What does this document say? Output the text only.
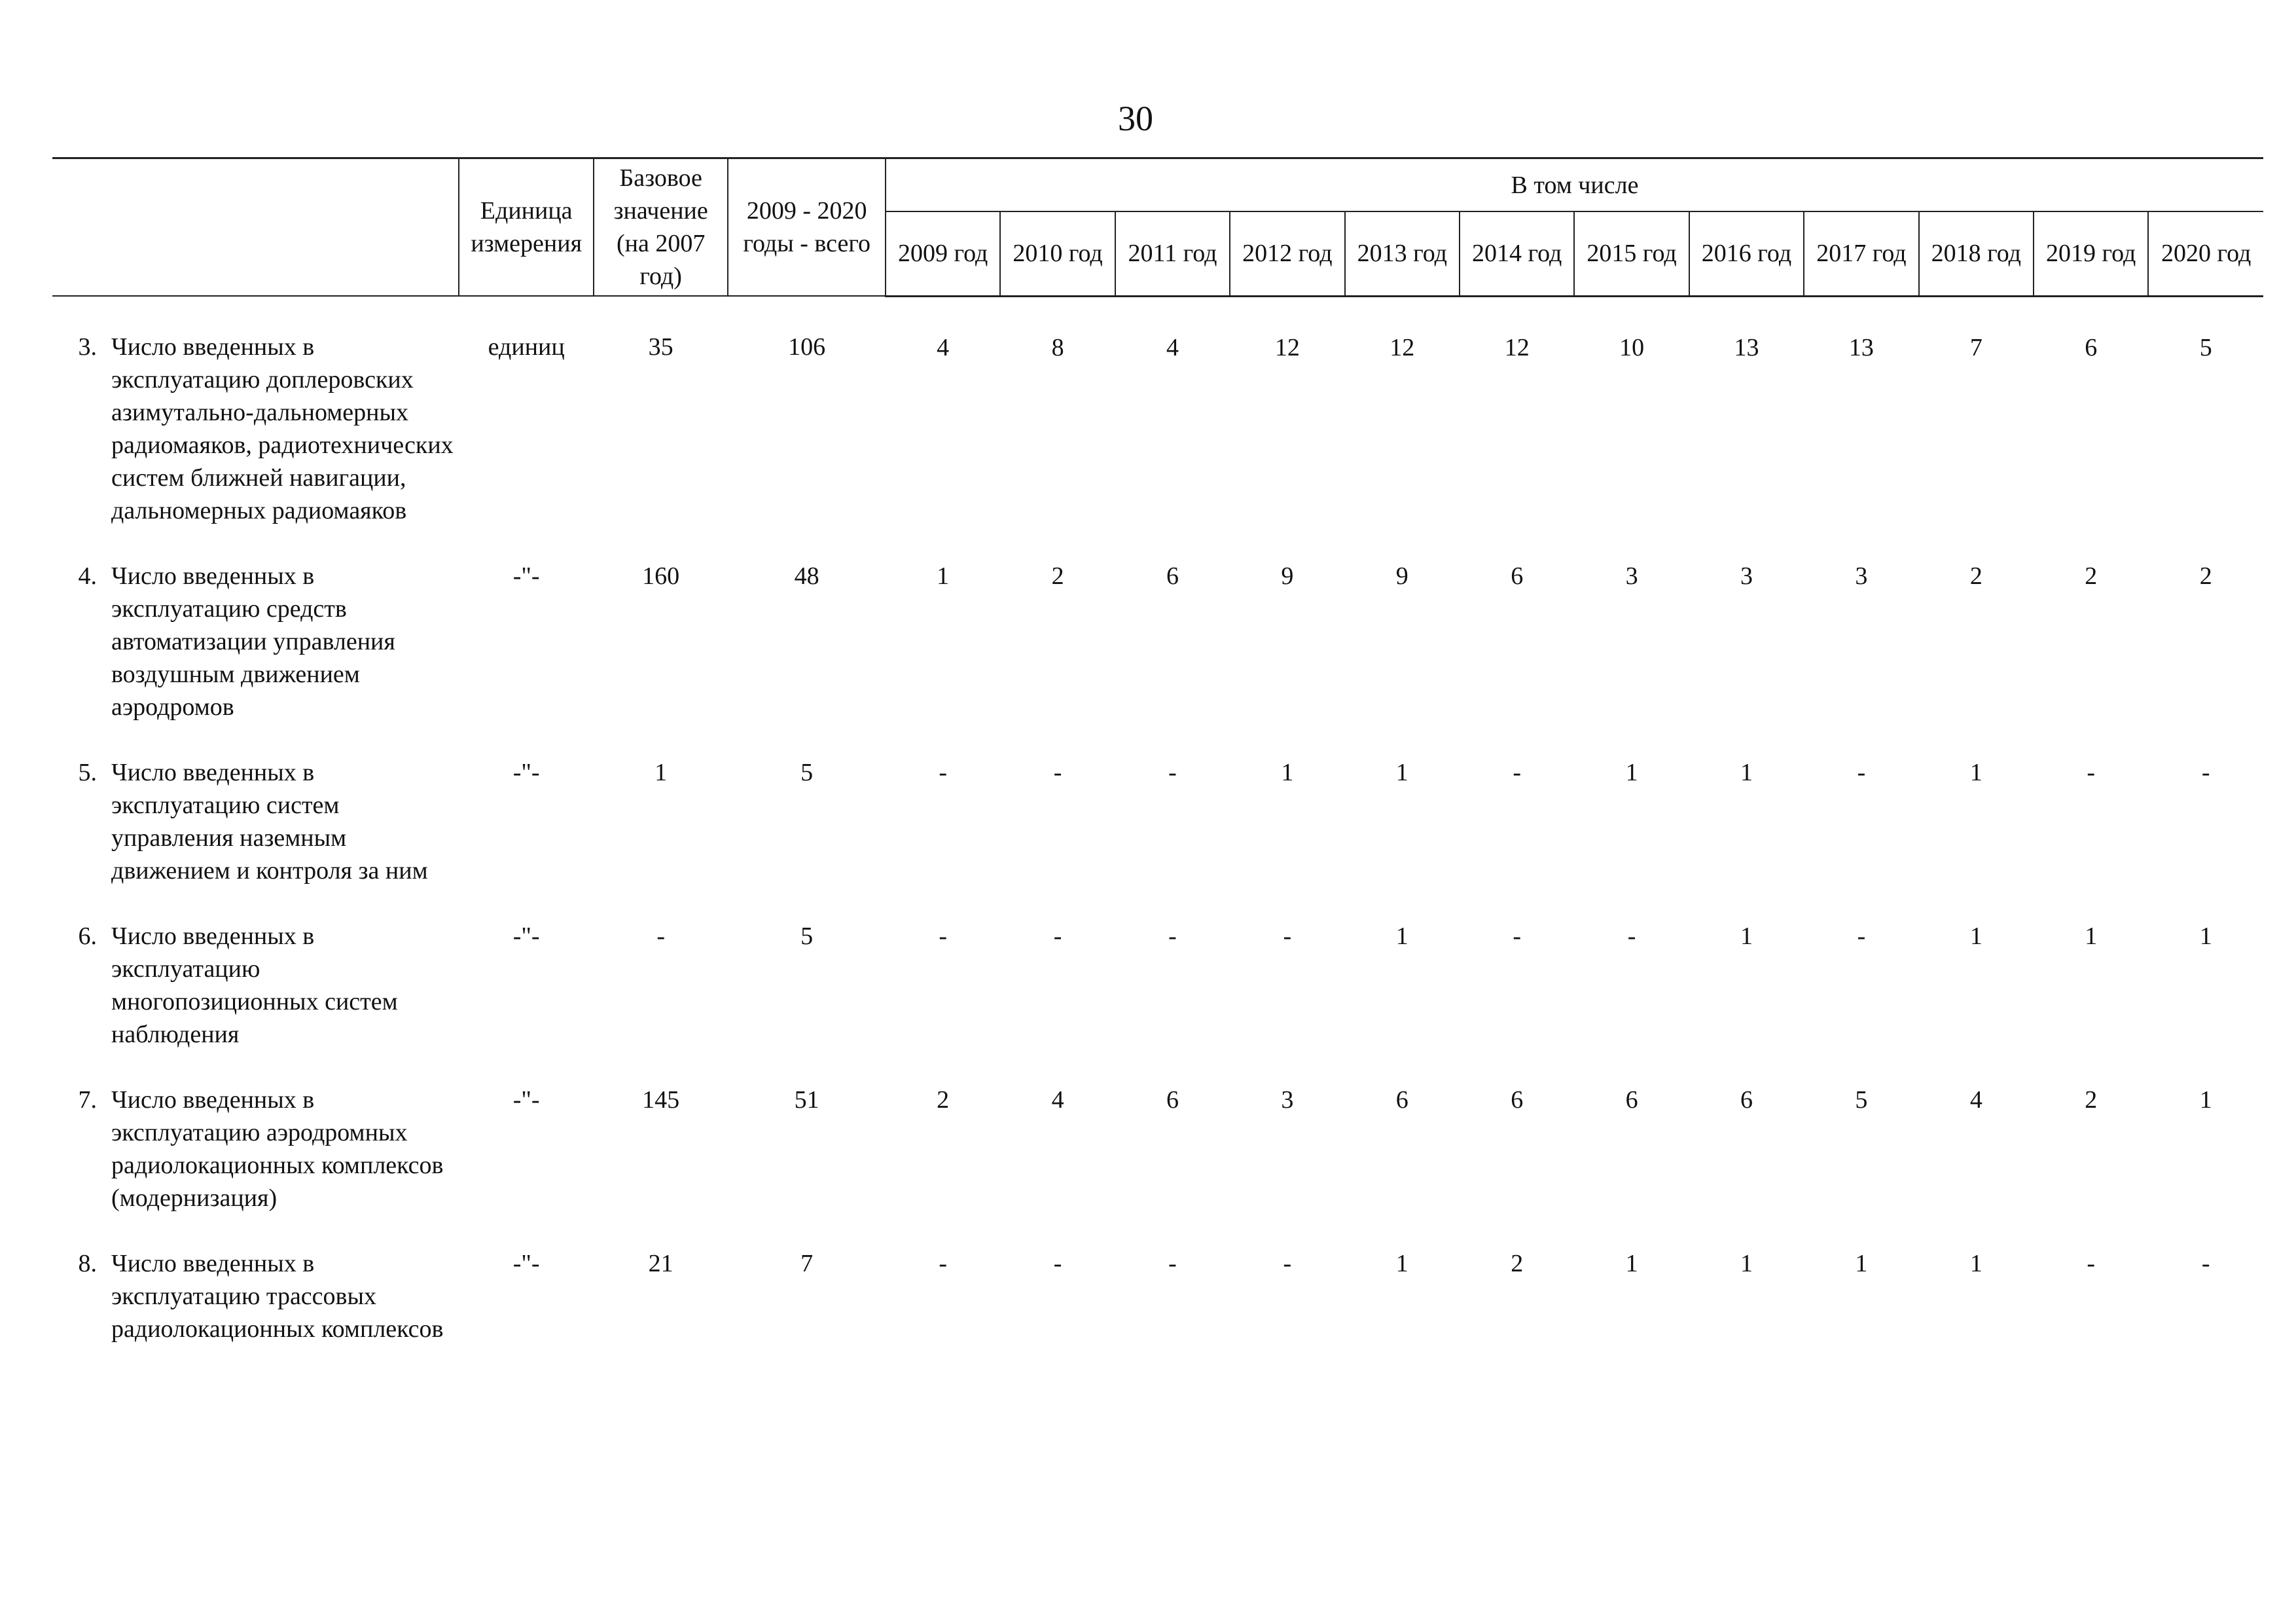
30
	Единица измерения	Базовое значение (на 2007 год)	2009 - 2020 годы - всего	В том числе											
				2009 год	2010 год	2011 год	2012 год	2013 год	2014 год	2015 год	2016 год	2017 год	2018 год	2019 год	2020 год

3. Число введенных в эксплуатацию доплеровских азимутально-дальномерных радиомаяков, радиотехнических систем ближней навигации, дальномерных радиомаяков	единиц	35	106	4	8	4	12	12	12	10	13	13	7	6	5

4. Число введенных в эксплуатацию средств автоматизации управления воздушным движением аэродромов	-"-	160	48	1	2	6	9	9	6	3	3	3	2	2	2

5. Число введенных в эксплуатацию систем управления наземным движением и контроля за ним	-"-	1	5	-	-	-	1	1	-	1	1	-	1	-	-

6. Число введенных в эксплуатацию многопозиционных систем наблюдения	-"-	-	5	-	-	-	-	1	-	-	1	-	1	1	1

7. Число введенных в эксплуатацию аэродромных радиолокационных комплексов (модернизация)	-"-	145	51	2	4	6	3	6	6	6	6	5	4	2	1

8. Число введенных в эксплуатацию трассовых радиолокационных комплексов	-"-	21	7	-	-	-	-	1	2	1	1	1	1	-	-
